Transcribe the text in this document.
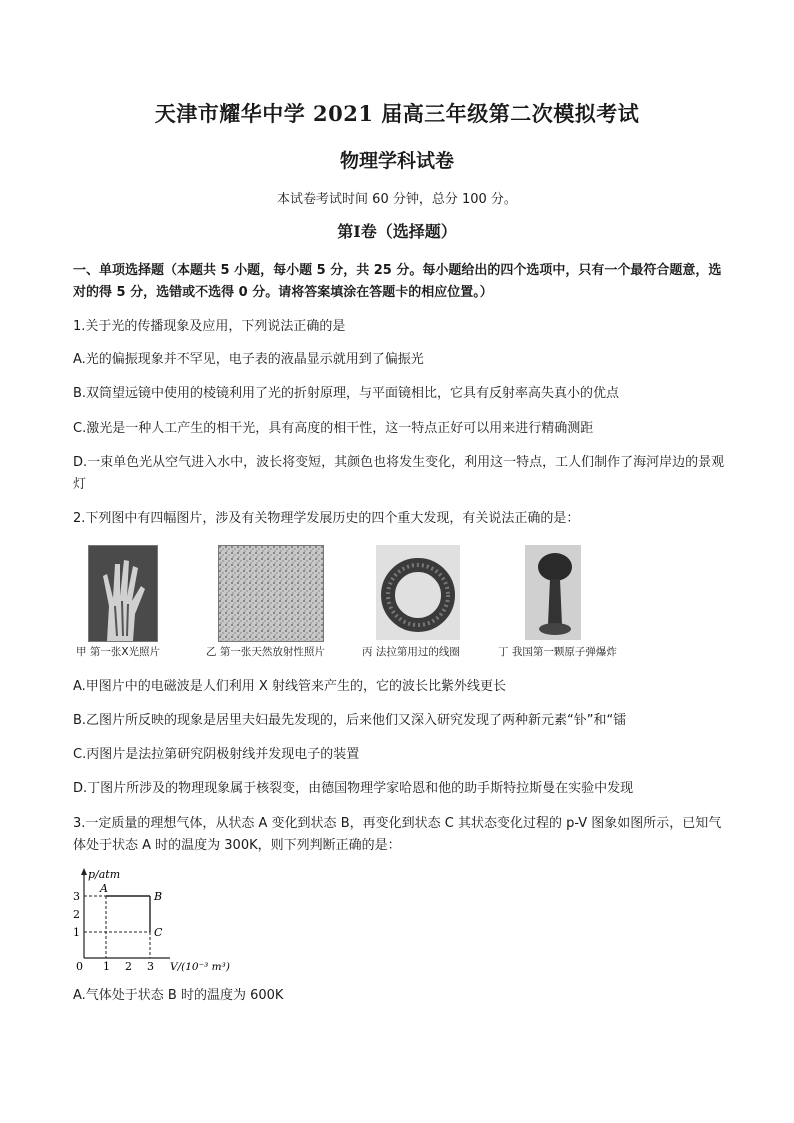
天津市耀华中学 2021 届高三年级第二次模拟考试
物理学科试卷
本试卷考试时间 60 分钟，总分 100 分。
第Ⅰ卷（选择题）
一、单项选择题（本题共 5 小题，每小题 5 分，共 25 分。每小题给出的四个选项中，只有一个最符合题意，选对的得 5 分，选错或不选得 0 分。请将答案填涂在答题卡的相应位置。）
1.关于光的传播现象及应用，下列说法正确的是
A.光的偏振现象并不罕见，电子表的液晶显示就用到了偏振光
B.双筒望远镜中使用的棱镜利用了光的折射原理，与平面镜相比，它具有反射率高失真小的优点
C.激光是一种人工产生的相干光，具有高度的相干性，这一特点正好可以用来进行精确测距
D.一束单色光从空气进入水中，波长将变短，其颜色也将发生变化，利用这一特点，工人们制作了海河岸边的景观灯
2.下列图中有四幅图片，涉及有关物理学发展历史的四个重大发现，有关说法正确的是：
甲 第一张X光照片	乙 第一张天然放射性照片	丙 法拉第用过的线圈	丁 我国第一颗原子弹爆炸
A.甲图片中的电磁波是人们利用 X 射线管来产生的，它的波长比紫外线更长
B.乙图片所反映的现象是居里夫妇最先发现的，后来他们又深入研究发现了两种新元素“钋”和“镭
C.丙图片是法拉第研究阴极射线并发现电子的装置
D.丁图片所涉及的物理现象属于核裂变，由德国物理学家哈恩和他的助手斯特拉斯曼在实验中发现
3.一定质量的理想气体，从状态 A 变化到状态 B，再变化到状态 C 其状态变化过程的 p-V 图象如图所示，已知气体处于状态 A 时的温度为 300K，则下列判断正确的是：
p/atm
3
2
1
0 1 2 3 V/(10⁻³ m³)
A
B
C
A.气体处于状态 B 时的温度为 600K
